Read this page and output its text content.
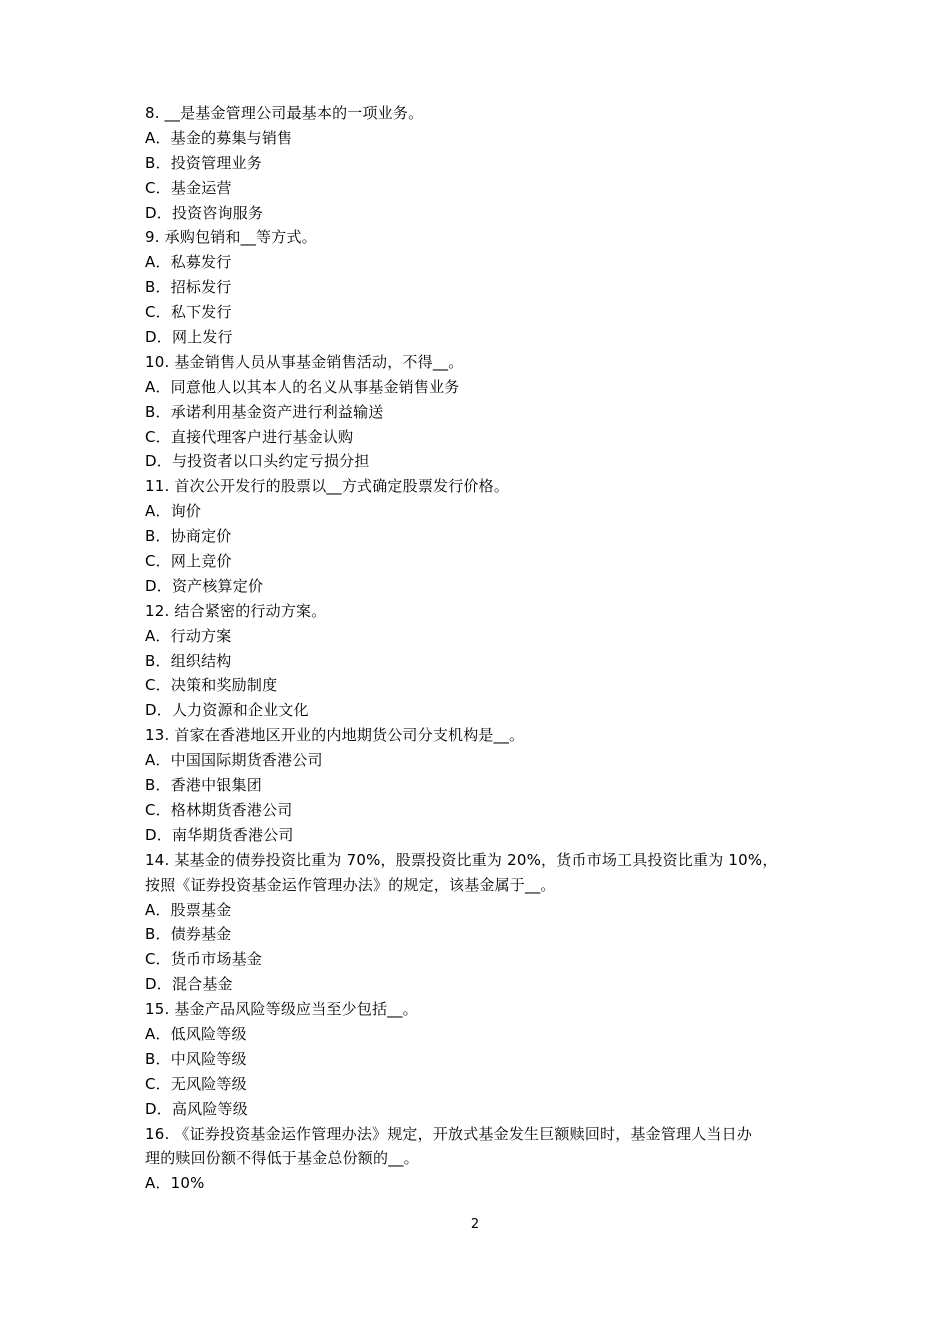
8. __是基金管理公司最基本的一项业务。
A．基金的募集与销售
B．投资管理业务
C．基金运营
D．投资咨询服务
9. 承购包销和__等方式。
A．私募发行
B．招标发行
C．私下发行
D．网上发行
10. 基金销售人员从事基金销售活动，不得__。
A．同意他人以其本人的名义从事基金销售业务
B．承诺利用基金资产进行利益输送
C．直接代理客户进行基金认购
D．与投资者以口头约定亏损分担
11. 首次公开发行的股票以__方式确定股票发行价格。
A．询价
B．协商定价
C．网上竞价
D．资产核算定价
12. 结合紧密的行动方案。
A．行动方案
B．组织结构
C．决策和奖励制度
D．人力资源和企业文化
13. 首家在香港地区开业的内地期货公司分支机构是__。
A．中国国际期货香港公司
B．香港中银集团
C．格林期货香港公司
D．南华期货香港公司
14. 某基金的债券投资比重为 70%，股票投资比重为 20%，货币市场工具投资比重为 10%，
按照《证券投资基金运作管理办法》的规定，该基金属于__。
A．股票基金
B．债券基金
C．货币市场基金
D．混合基金
15. 基金产品风险等级应当至少包括__。
A．低风险等级
B．中风险等级
C．无风险等级
D．高风险等级
16. 《证券投资基金运作管理办法》规定，开放式基金发生巨额赎回时，基金管理人当日办
理的赎回份额不得低于基金总份额的__。
A．10%
2
